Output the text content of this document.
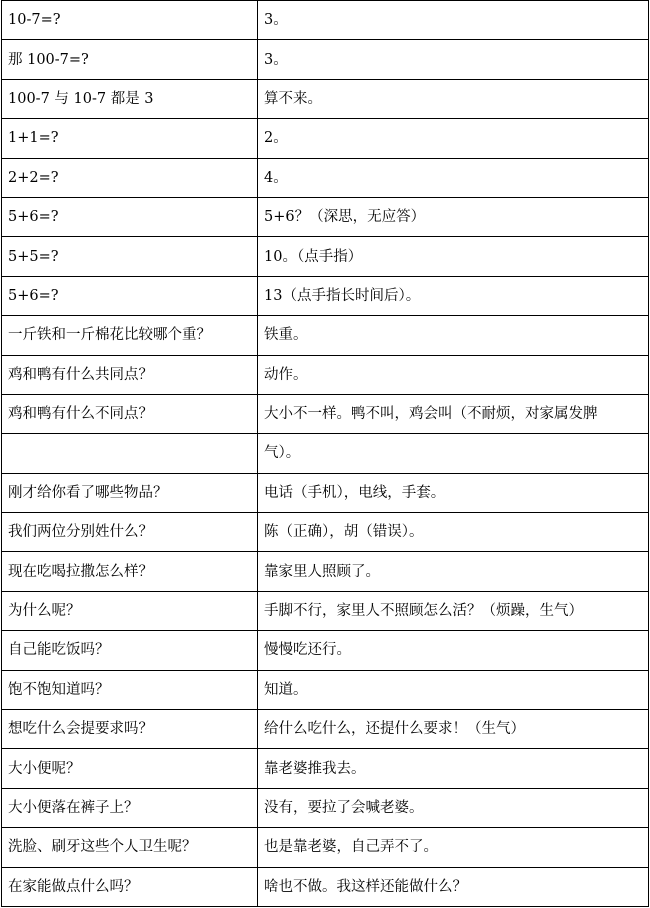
10-7=?	3。
那 100-7=?	3。
100-7 与 10-7 都是 3	算不来。
1+1=?	2。
2+2=?	4。
5+6=?	5+6？（深思，无应答）
5+5=?	10。（点手指）
5+6=?	13（点手指长时间后）。
一斤铁和一斤棉花比较哪个重？	铁重。
鸡和鸭有什么共同点？	动作。
鸡和鸭有什么不同点？	大小不一样。鸭不叫，鸡会叫（不耐烦，对家属发脾
	气）。
刚才给你看了哪些物品？	电话（手机），电线，手套。
我们两位分别姓什么？	陈（正确），胡（错误）。
现在吃喝拉撒怎么样？	靠家里人照顾了。
为什么呢？	手脚不行，家里人不照顾怎么活？（烦躁，生气）
自己能吃饭吗？	慢慢吃还行。
饱不饱知道吗？	知道。
想吃什么会提要求吗？	给什么吃什么，还提什么要求！（生气）
大小便呢？	靠老婆推我去。
大小便落在裤子上？	没有，要拉了会喊老婆。
洗脸、刷牙这些个人卫生呢？	也是靠老婆，自己弄不了。
在家能做点什么吗？	啥也不做。我这样还能做什么？
